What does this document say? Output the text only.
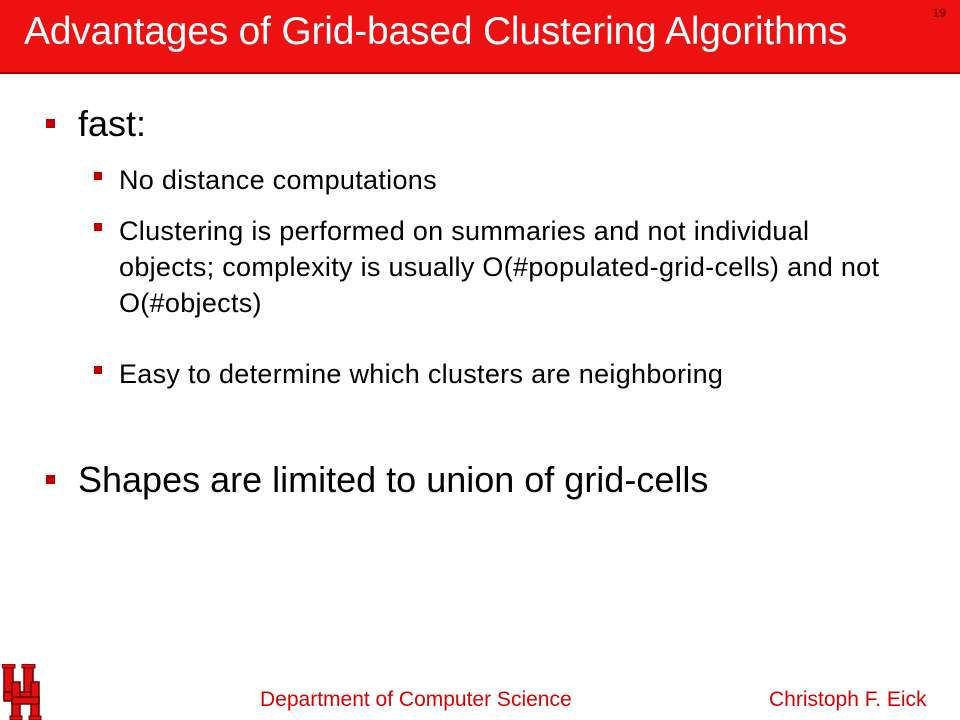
Advantages of Grid-based Clustering Algorithms	19
fast:
No distance computations
Clustering is performed on summaries and not individual objects; complexity is usually O(#populated-grid-cells) and not O(#objects)
Easy to determine which clusters are neighboring
Shapes are limited to union of grid-cells
Department of Computer Science	Christoph F. Eick
